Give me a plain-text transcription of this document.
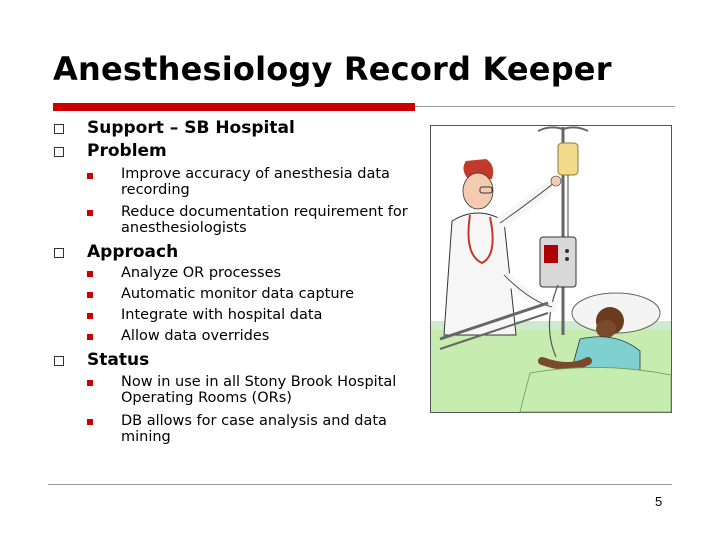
Anesthesiology Record Keeper
Support – SB Hospital
Problem
Improve accuracy of anesthesia data recording
Reduce documentation requirement for anesthesiologists
Approach
Analyze OR processes
Automatic monitor data capture
Integrate with hospital data
Allow data overrides
Status
Now in use in all Stony Brook Hospital Operating Rooms (ORs)
DB allows for case analysis and data mining
5
